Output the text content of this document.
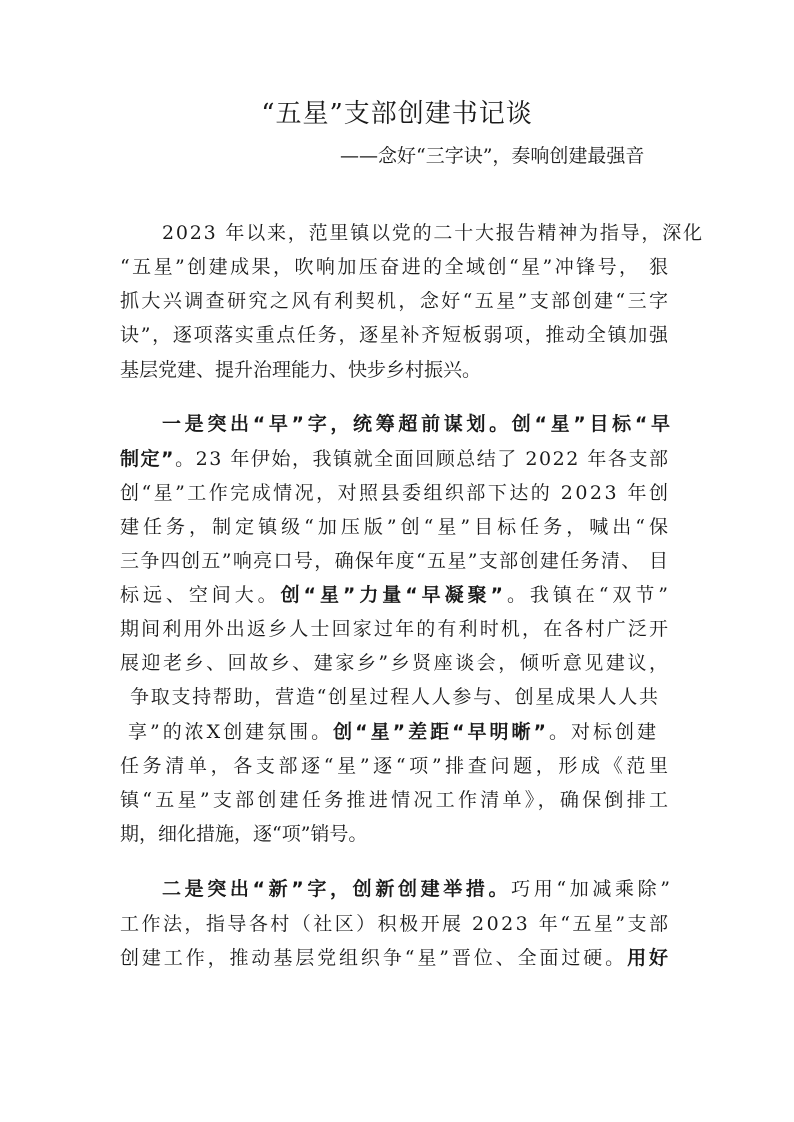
“五星”支部创建书记谈
——念好“三字诀”，奏响创建最强音
2023 年以来，范里镇以党的二十大报告精神为指导，深化
“五星”创建成果，吹响加压奋进的全域创“星”冲锋号， 狠
抓大兴调查研究之风有利契机，念好“五星”支部创建“三字
诀”，逐项落实重点任务，逐星补齐短板弱项，推动全镇加强
基层党建、提升治理能力、快步乡村振兴。
一是突出“早”字，统筹超前谋划。创“星”目标“早
制定”。23 年伊始，我镇就全面回顾总结了 2022 年各支部
创“星”工作完成情况，对照县委组织部下达的 2023 年创
建任务，制定镇级“加压版”创“星”目标任务，喊出“保
三争四创五”响亮口号，确保年度“五星”支部创建任务清、 目
标远、空间大。创“星”力量“早凝聚”。我镇在“双节”
期间利用外出返乡人士回家过年的有利时机，在各村广泛开
展迎老乡、回故乡、建家乡”乡贤座谈会，倾听意见建议，
争取支持帮助，营造“创星过程人人参与、创星成果人人共
享”的浓X创建氛围。创“星”差距“早明晰”。对标创建
任务清单，各支部逐“星”逐“项”排查问题，形成《范里
镇“五星”支部创建任务推进情况工作清单》，确保倒排工
期，细化措施，逐“项”销号。
二是突出“新”字，创新创建举措。巧用“加减乘除”
工作法，指导各村（社区）积极开展 2023 年“五星”支部
创建工作，推动基层党组织争“星”晋位、全面过硬。用好
